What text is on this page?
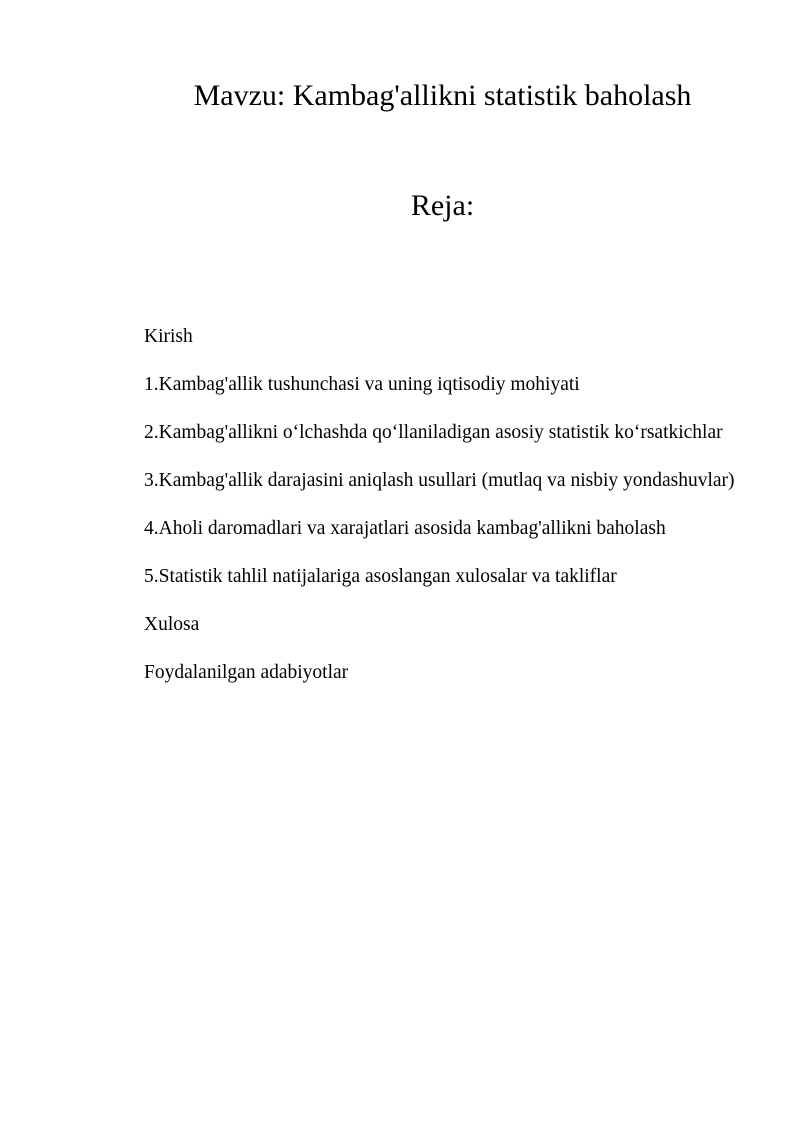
Mavzu: Kambag'allikni statistik baholash
Reja:
Kirish
1.Kambag'allik tushunchasi va uning iqtisodiy mohiyati
2.Kambag'allikni o‘lchashda qo‘llaniladigan asosiy statistik ko‘rsatkichlar
3.Kambag'allik darajasini aniqlash usullari (mutlaq va nisbiy yondashuvlar)
4.Aholi daromadlari va xarajatlari asosida kambag'allikni baholash
5.Statistik tahlil natijalariga asoslangan xulosalar va takliflar
Xulosa
Foydalanilgan adabiyotlar
